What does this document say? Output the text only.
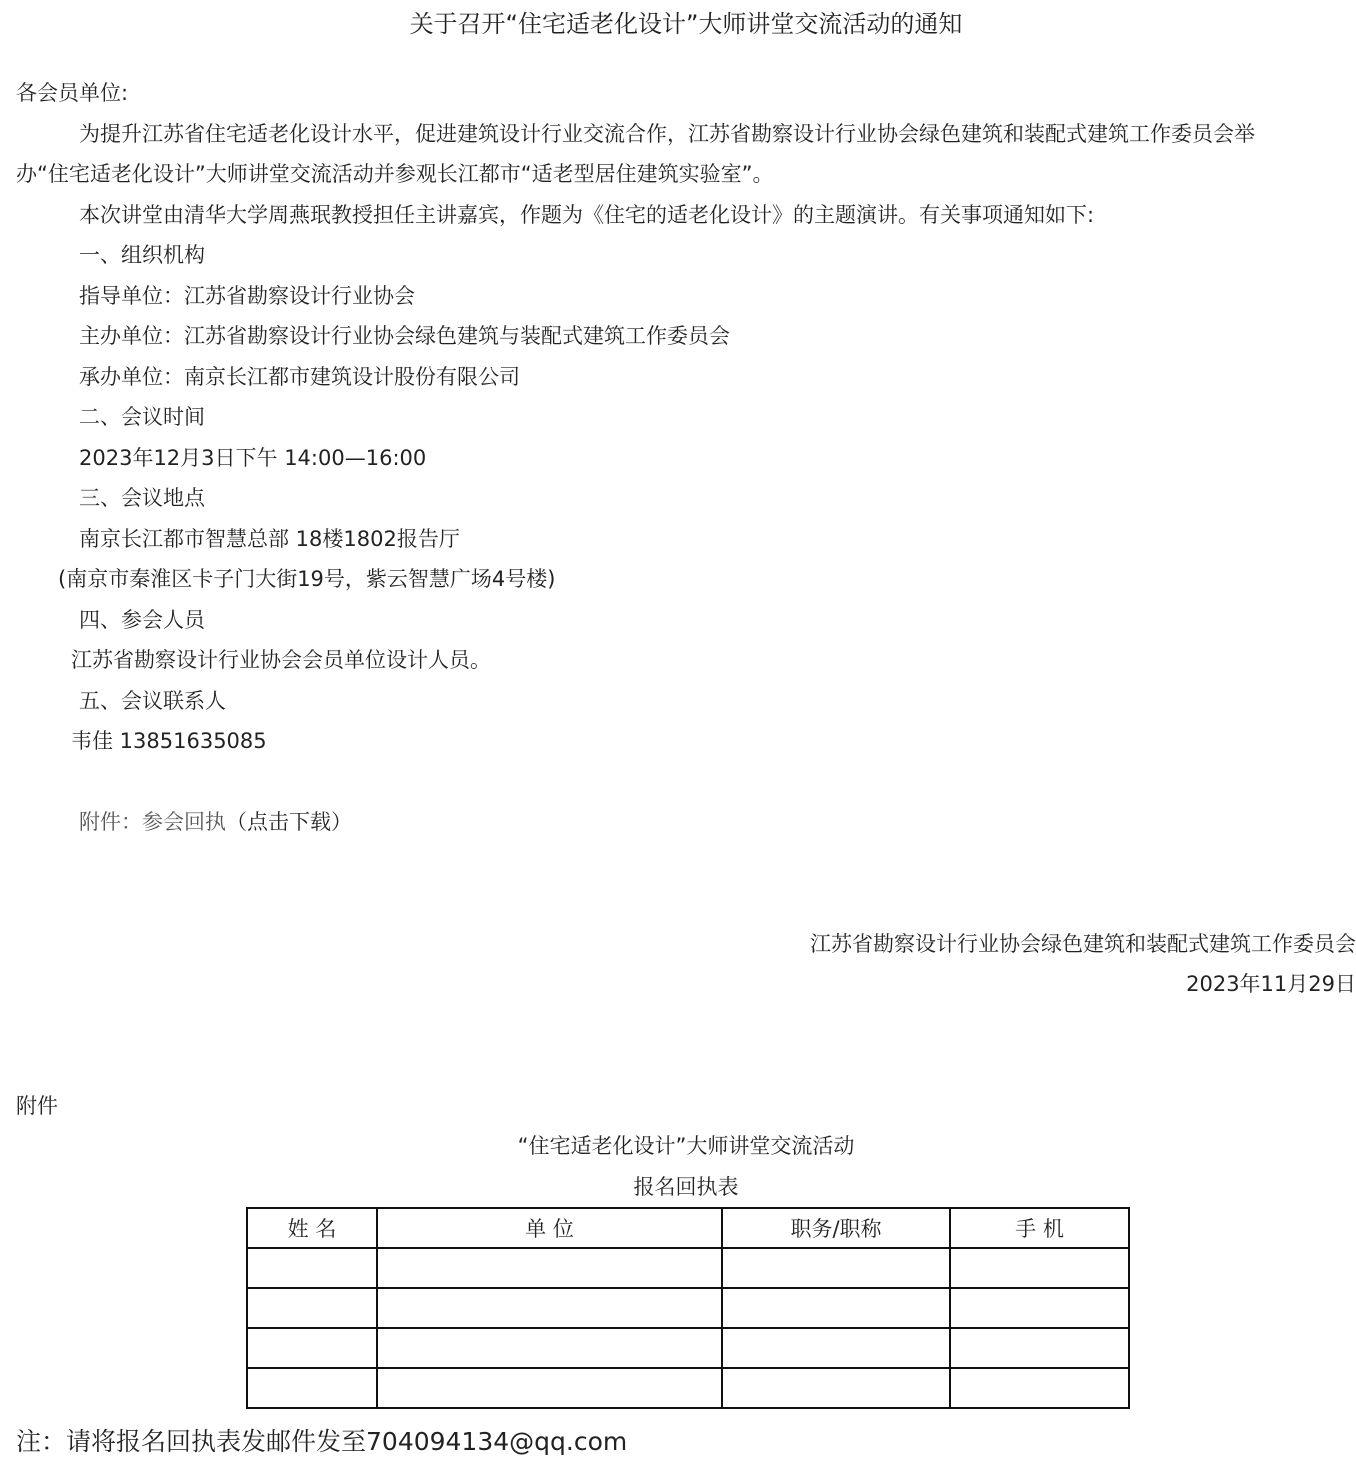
关于召开“住宅适老化设计”大师讲堂交流活动的通知
各会员单位:
为提升江苏省住宅适老化设计水平，促进建筑设计行业交流合作，江苏省勘察设计行业协会绿色建筑和装配式建筑工作委员会举
办“住宅适老化设计”大师讲堂交流活动并参观长江都市“适老型居住建筑实验室”。
本次讲堂由清华大学周燕珉教授担任主讲嘉宾，作题为《住宅的适老化设计》的主题演讲。有关事项通知如下:
一、组织机构
指导单位：江苏省勘察设计行业协会
主办单位：江苏省勘察设计行业协会绿色建筑与装配式建筑工作委员会
承办单位：南京长江都市建筑设计股份有限公司
二、会议时间
2023年12月3日下午 14:00—16:00
三、会议地点
南京长江都市智慧总部 18楼1802报告厅
(南京市秦淮区卡子门大街19号，紫云智慧广场4号楼)
四、参会人员
江苏省勘察设计行业协会会员单位设计人员。
五、会议联系人
韦佳 13851635085
附件：参会回执（点击下载）
江苏省勘察设计行业协会绿色建筑和装配式建筑工作委员会
2023年11月29日
附件
“住宅适老化设计”大师讲堂交流活动
报名回执表
姓 名	单 位	职务/职称	手 机

注：请将报名回执表发邮件发至704094134@qq.com
